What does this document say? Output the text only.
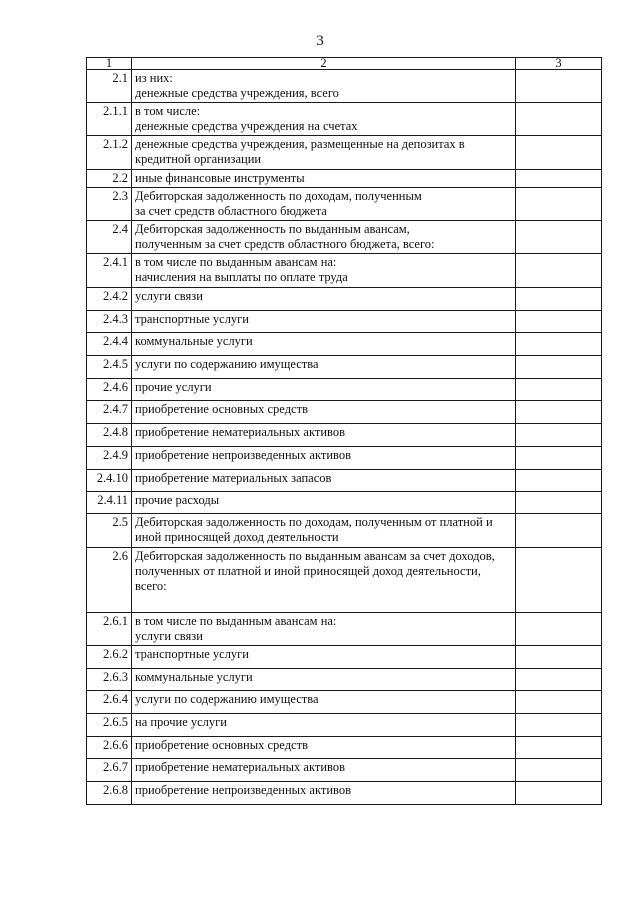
3
1	2	3
2.1	из них:
денежные средства учреждения, всего	
2.1.1	в том числе:
денежные средства учреждения на счетах	
2.1.2	денежные средства учреждения, размещенные на депозитах в кредитной организации	
2.2	иные финансовые инструменты	
2.3	Дебиторская задолженность по доходам, полученным
за счет средств областного бюджета	
2.4	Дебиторская задолженность по выданным авансам,
полученным за счет средств областного бюджета, всего:	
2.4.1	в том числе по выданным авансам на:
начисления на выплаты по оплате труда	
2.4.2	услуги связи	
2.4.3	транспортные услуги	
2.4.4	коммунальные услуги	
2.4.5	услуги по содержанию имущества	
2.4.6	прочие услуги	
2.4.7	приобретение основных средств	
2.4.8	приобретение нематериальных активов	
2.4.9	приобретение непроизведенных активов	
2.4.10	приобретение материальных запасов	
2.4.11	прочие расходы	
2.5	Дебиторская задолженность по доходам, полученным от платной и иной приносящей доход деятельности	
2.6	Дебиторская задолженность по выданным авансам за счет доходов, полученных от платной и иной приносящей доход деятельности, всего:	
2.6.1	в том числе по выданным авансам на:
услуги связи	
2.6.2	транспортные услуги	
2.6.3	коммунальные услуги	
2.6.4	услуги по содержанию имущества	
2.6.5	на прочие услуги	
2.6.6	приобретение основных средств	
2.6.7	приобретение нематериальных активов	
2.6.8	приобретение непроизведенных активов	
